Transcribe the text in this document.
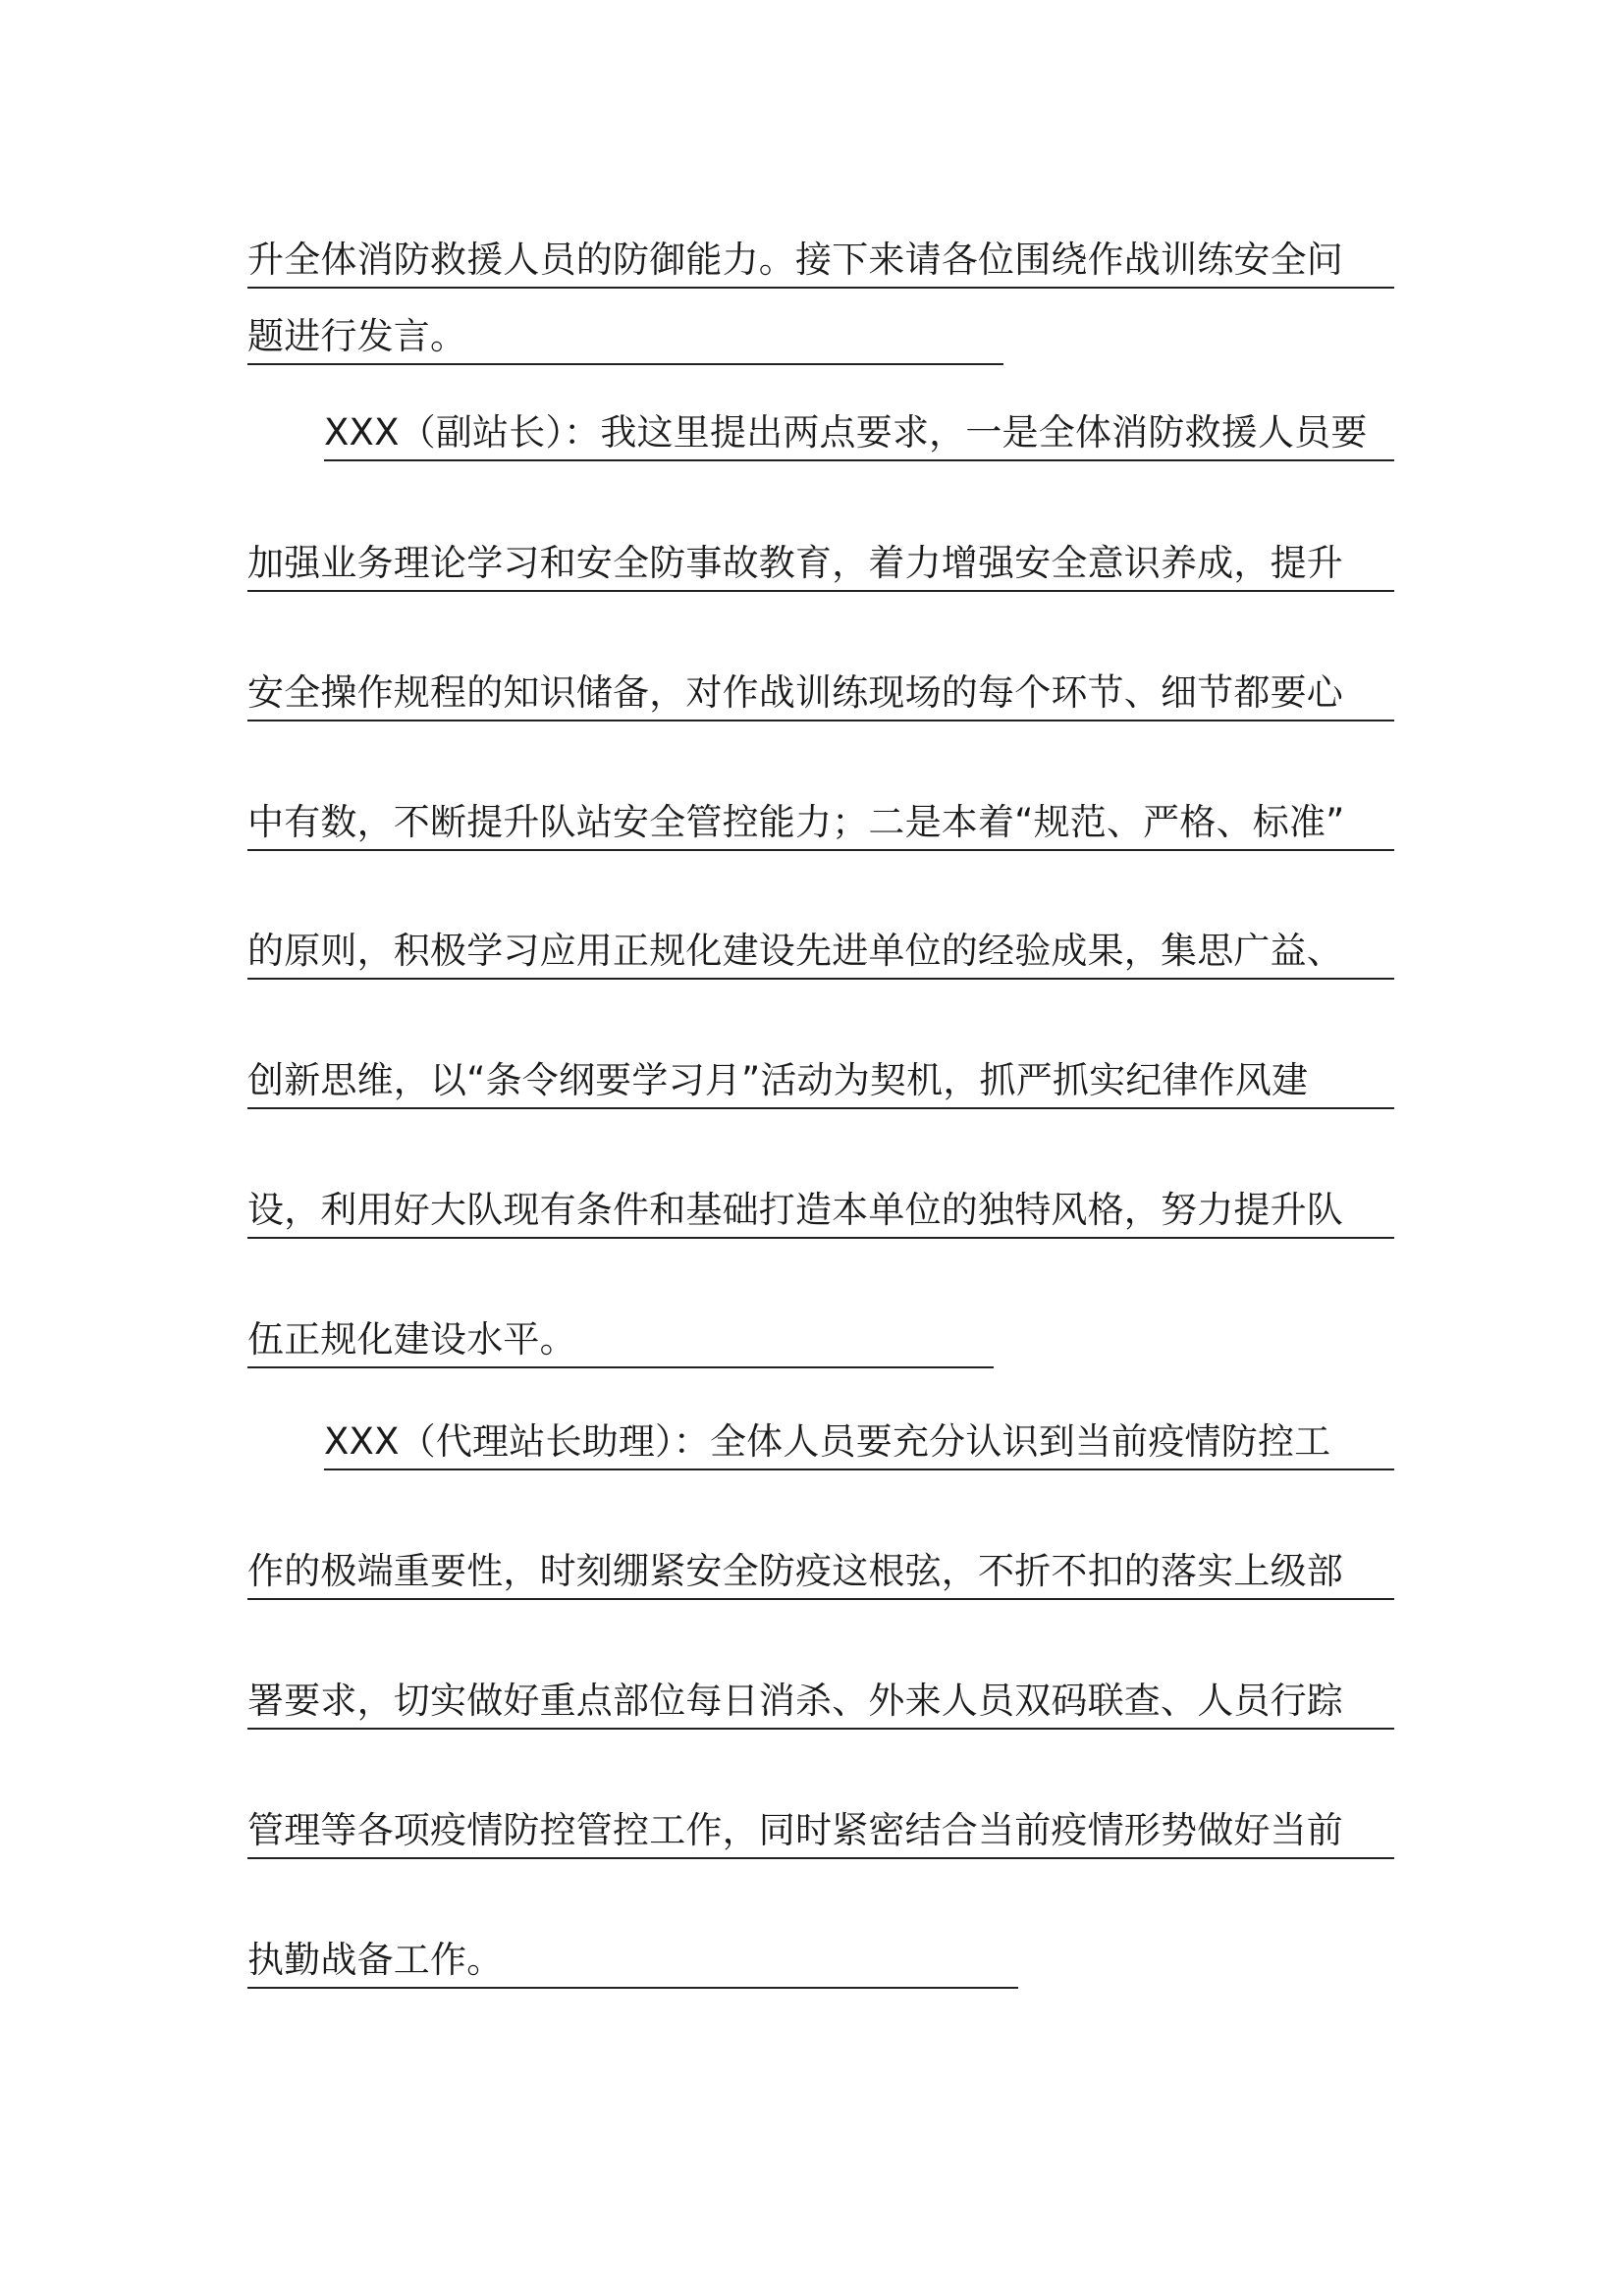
升全体消防救援人员的防御能力。接下来请各位围绕作战训练安全问
题进行发言。
XXX（副站长）：我这里提出两点要求，一是全体消防救援人员要
加强业务理论学习和安全防事故教育，着力增强安全意识养成，提升
安全操作规程的知识储备，对作战训练现场的每个环节、细节都要心
中有数，不断提升队站安全管控能力；二是本着“规范、严格、标准”
的原则，积极学习应用正规化建设先进单位的经验成果，集思广益、
创新思维，以“条令纲要学习月”活动为契机，抓严抓实纪律作风建
设，利用好大队现有条件和基础打造本单位的独特风格，努力提升队
伍正规化建设水平。
XXX（代理站长助理）：全体人员要充分认识到当前疫情防控工
作的极端重要性，时刻绷紧安全防疫这根弦，不折不扣的落实上级部
署要求，切实做好重点部位每日消杀、外来人员双码联查、人员行踪
管理等各项疫情防控管控工作，同时紧密结合当前疫情形势做好当前
执勤战备工作。
